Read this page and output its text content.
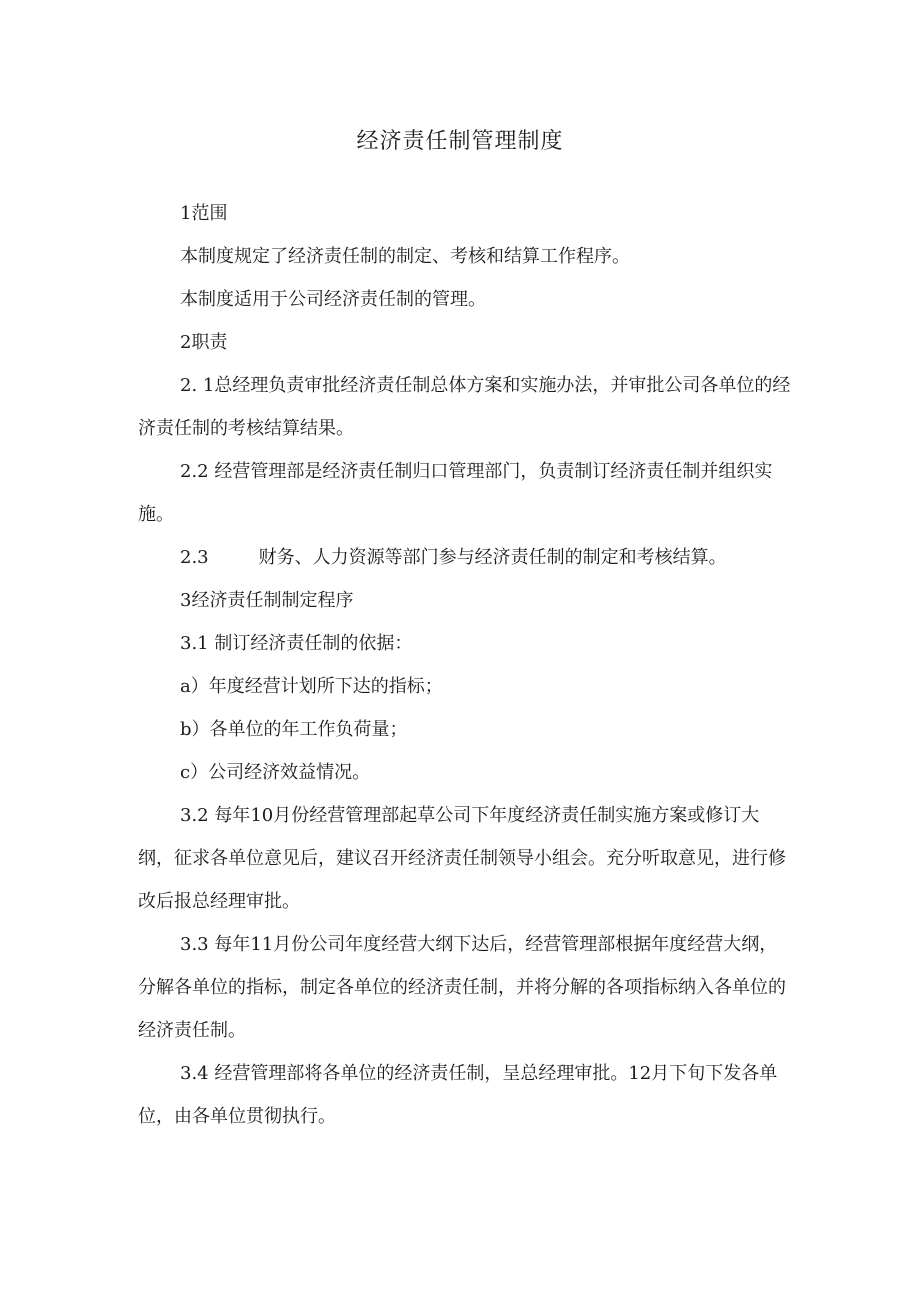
经济责任制管理制度

1范围

本制度规定了经济责任制的制定、考核和结算工作程序。

本制度适用于公司经济责任制的管理。

2职责

2. 1总经理负责审批经济责任制总体方案和实施办法，并审批公司各单位的经济责任制的考核结算结果。

2.2 经营管理部是经济责任制归口管理部门，负责制订经济责任制并组织实施。

2.3	财务、人力资源等部门参与经济责任制的制定和考核结算。

3经济责任制制定程序

3.1 制订经济责任制的依据：

a）年度经营计划所下达的指标；

b）各单位的年工作负荷量；

c）公司经济效益情况。

3.2 每年10月份经营管理部起草公司下年度经济责任制实施方案或修订大纲，征求各单位意见后，建议召开经济责任制领导小组会。充分听取意见，进行修改后报总经理审批。

3.3 每年11月份公司年度经营大纲下达后，经营管理部根据年度经营大纲，分解各单位的指标，制定各单位的经济责任制，并将分解的各项指标纳入各单位的经济责任制。

3.4 经营管理部将各单位的经济责任制，呈总经理审批。12月下旬下发各单位，由各单位贯彻执行。
